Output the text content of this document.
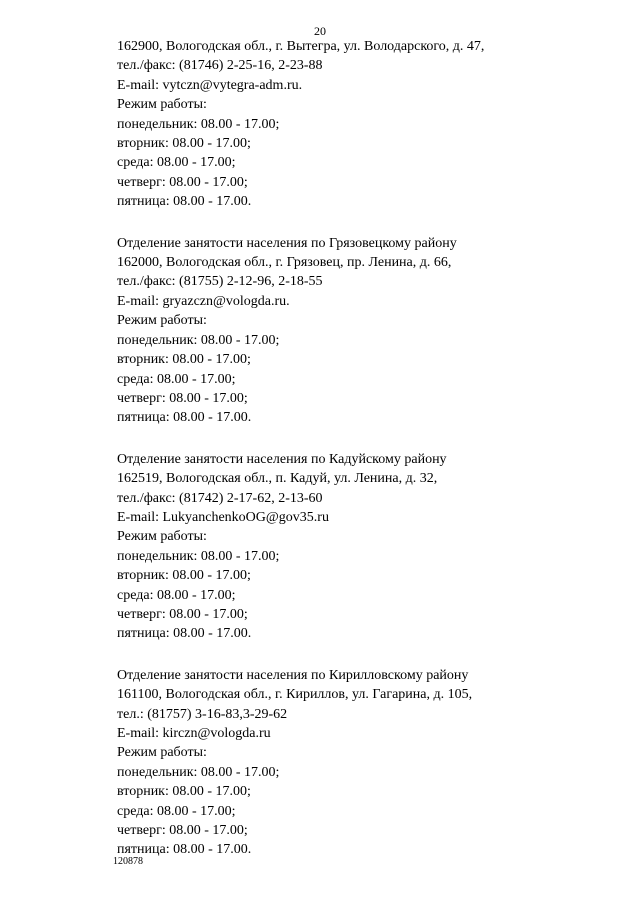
20
162900, Вологодская обл., г. Вытегра, ул. Володарского, д. 47,
тел./факс: (81746) 2-25-16, 2-23-88
E-mail: vytczn@vytegra-adm.ru.
Режим работы:
понедельник: 08.00 - 17.00;
вторник: 08.00 - 17.00;
среда: 08.00 - 17.00;
четверг: 08.00 - 17.00;
пятница: 08.00 - 17.00.
Отделение занятости населения по Грязовецкому району
162000, Вологодская обл., г. Грязовец, пр. Ленина, д. 66,
тел./факс: (81755) 2-12-96, 2-18-55
E-mail: gryazczn@vologda.ru.
Режим работы:
понедельник: 08.00 - 17.00;
вторник: 08.00 - 17.00;
среда: 08.00 - 17.00;
четверг: 08.00 - 17.00;
пятница: 08.00 - 17.00.
Отделение занятости населения по Кадуйскому району
162519, Вологодская обл., п. Кадуй, ул. Ленина, д. 32,
тел./факс: (81742) 2-17-62, 2-13-60
E-mail: LukyanchenkoOG@gov35.ru
Режим работы:
понедельник: 08.00 - 17.00;
вторник: 08.00 - 17.00;
среда: 08.00 - 17.00;
четверг: 08.00 - 17.00;
пятница: 08.00 - 17.00.
Отделение занятости населения по Кирилловскому району
161100, Вологодская обл., г. Кириллов, ул. Гагарина, д. 105,
тел.: (81757) 3-16-83,3-29-62
E-mail: kirczn@vologda.ru
Режим работы:
понедельник: 08.00 - 17.00;
вторник: 08.00 - 17.00;
среда: 08.00 - 17.00;
четверг: 08.00 - 17.00;
пятница: 08.00 - 17.00.
120878
